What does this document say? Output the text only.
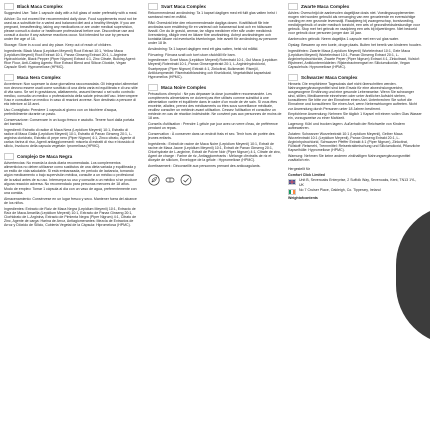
Black Maca Complex

Suggested Use: Take 1 capsule daily with a full glass of water preferably with a meal.

Advice: Do not exceed the recommended daily dose. Food supplements must not be used as a substitute for a varied and balanced diet and a healthy lifestyle. If you are pregnant, breastfeeding, taking any medications or are under medical supervision, please consult a doctor or healthcare professional before use. Discontinue use and consult a doctor if any adverse reactions occur. Not intended for use by persons under the age of 18.

Storage: Store in a cool and dry place. Keep out of reach of children.

Ingredients: Black Maca (Lepidium Meyenii) Root Extract 10:1, Yellow Maca (Lepidium Meyenii) Root Extract 10:1, Panax Ginseng Extract 20:1, L-Arginine Hydrochloride, Black Pepper (Piper Nigrum) Extract 4:1, Zinc Citrate, Bulking Agent: Rice Flour, Anti-Caking Agents: Rice Extract Blend and Silicon Dioxide, Vegan Capsule Shell: Hypromellose (HPMC).

Maca Nera Complex

Avvertenze: Non superare la dose giornaliera raccomandata. Gli integratori alimentari non devono essere usati come sostituto di una dieta varia ed equilibrata e di uno stile di vita sano. Se sei in gravidanza, allattamento, assumi farmaci o sei sotto controllo medico, consulta un medico o professionista della salute prima dell'uso. Interrompere l'uso e consultare un medico in caso di reazioni avverse. Non destinato a persone di età inferiore ai 18 anni.

Uso Consigliato: Prendere 1 capsula al giorno con un bicchiere d'acqua, preferibilmente durante un pasto.

Conservazione: Conservare in un luogo fresco e asciutto. Tenere fuori dalla portata dei bambini.

Ingredienti: Estratto di radice di Maca Nera (Lepidium Meyenii) 10:1, Estratto di radice di Maca Gialla (Lepidium Meyenii) 10:1, Estratto di Panax Ginseng 20:1, L-arginina cloridrato, Estratto di pepe nero (Piper Nigrum) 4:1, Zinco citrato, Agente di carica: farina di riso, Agenti antiagglomeranti: miscela di estratti di riso e biossido di silicio, Involucro della capsula vegetale: Ipromellosa (HPMC).

Complejo De Maca Negra

Advertencias: No exceda la dosis diaria recomendada. Los complementos alimenticios no deben utilizarse como sustitutos de una dieta variada y equilibrada y un estilo de vida saludable. Si está embarazada, en periodo de lactancia, tomando algún medicamento o bajo supervisión médica, consulte a un médico o profesional de la salud antes de su uso. Interrumpa su uso y consulte a un médico si se produce alguna reacción adversa. No recomendado para personas menores de 18 años.

Modo de empleo: Tomar 1 cápsula al día con un vaso de agua, preferentemente con una comida.

Almacenamiento: Consérvese en un lugar fresco y seco. Mantener fuera del alcance de los niños.

Ingredientes: Extracto de Raíz de Maca Negra (Lepidium Meyenii) 10:1, Extracto de Raíz de Maca Amarilla (Lepidium Meyenii) 10:1, Extracto de Panax Ginseng 20:1, Clorhidrato de L-Arginina, Extracto de Pimienta Negra (Piper Nigrum) 4:1, Citrato de Zinc, Agente de carga: Harina de Arroz, Antiaglomerantes: Mezcla de Extractos de Arroz y Dióxido de Silicio, Cubierta Vegetal de la Cápsula: Hipromelosa (HPMC).

Svart Maca Complex

Rekommenderad användning: Ta 1 kapsel dagligen med ett fullt glas vatten helst i samband med en måltid.

Råd: Överskrid inte den rekommenderade dagliga dosen. Kosttillskott får inte användas som ersättning för en varierad och balanserad kost och en hälsosam livsstil. Om du är gravid, ammar, tar några mediciner eller står under medicinsk övervakning, rådgör med en läkare före användning. Avbryt användningen och kontakta läkare vid eventuella biverkningar. Inte avsett för användning av personer under 18 år.

Användning: Ta 1 kapsel dagligen med ett glas vatten, helst vid måltid.

Förvaring: Förvara svalt och torrt utom räckhåll för barn.

Ingredienser: Svart Maca (Lepidium Meyenii) Rotextrakt 10:1, Gul Maca (Lepidium Meyenii) Rotextrakt 10:1, Panax Ginsengextrakt 20:1, L-Argininhydroklorid, Svartpeppar (Piper Nigrum) Extrakt 4:1, Zinkcitrat, Bulkmedel: Rismjöl, Antiklumpmedel: Risextraktblandning och Kiseldioxid, Vegetabiliskt kapselskal: Hypromellos (HPMC).

Maca Noire Complex

Précautions d'emploi : Ne pas dépasser la dose journalière recommandée. Les compléments alimentaires ne doivent pas être utilisés comme substitut à une alimentation variée et équilibrée dans le cadre d'un mode de vie sain. Si vous êtes enceinte, allaitez, prenez des médicaments ou êtes sous surveillance médicale, veuillez consulter un médecin avant utilisation. Cessez l'utilisation et consultez un médecin en cas de réaction indésirable. Ne convient pas aux personnes de moins de 18 ans.

Conseils d'utilisation : Prendre 1 gélule par jour avec un verre d'eau, de préférence pendant un repas.

Conservation : À conserver dans un endroit frais et sec. Tenir hors de portée des jeunes enfants.

Ingrédients : Extrait de racine de Maca Noire (Lepidium Meyenii) 10:1, Extrait de racine de Maca Jaune (Lepidium Meyenii) 10:1, Extrait de Panax Ginseng 20:1, Chlorhydrate de L-arginine, Extrait de Poivre Noir (Piper Nigrum) 4:1, Citrate de zinc, Agent de charge : Farine de riz, Antiagglomérants : Mélange d'extraits de riz et dioxyde de silicium, Enveloppe de la gélule : Hypromellose (HPMC).

Avertissement : Déconseillé aux personnes prenant des anticoagulants.

Zwarte Maca Complex

Advies: Overschrijd de aanbevolen dagelijkse dosis niet. Voedingssupplementen mogen niet worden gebruikt als vervanging van een gevarieerde en evenwichtige voeding en een gezonde levensstijl. Raadpleeg bij zwangerschap, borstvoeding, medicijngebruik of onder medisch toezicht, een arts of gezondheidsdeskundige voor gebruik. Stop met het gebruik en raadpleeg een arts bij bijwerkingen. Niet bedoeld voor gebruik door personen jonger dan 18 jaar.

Aanbevolen gebruik: Neem dagelijks 1 capsule met een vol glas water.

Opslag: Bewaren op een koele, droge plaats. Buiten het bereik van kinderen houden.

Ingrediënten: Zwarte Maca (Lepidium Meyenii) Wortelextract 10:1, Gele Maca (Lepidium Meyenii) Wortelextract 10:1, Panax Ginseng Extract 20:1, L-Argininehydrochloride, Zwarte Peper (Piper Nigrum) Extract 4:1, Zinkcitraat, Vulstof: Rijstmeel, Antiklontermiddelen: Rijstextractmengsel en Siliciumdioxide, Vegan Capsulehuls: Hypromellose (HPMC).

Schwarzer Maca Complex

Hinweis: Die empfohlene Tagesdosis darf nicht überschritten werden. Nahrungsergänzungsmittel sind kein Ersatz für eine abwechslungsreiche, ausgewogene Ernährung und eine gesunde Lebensweise. Wenn Sie schwanger sind, stillen, Medikamente einnehmen oder unter ärztlicher Aufsicht stehen, konsultieren Sie bitte vor der Einnahme einen Arzt. Unterbrechen Sie sofort die Einnahme und konsultieren Sie einen Arzt, wenn Nebenwirkungen auftreten. Nicht zur Anwendung durch Personen unter 18 Jahren bestimmt.

Empfohlene Anwendung: Nehmen Sie täglich 1 Kapsel mit einem vollen Glas Wasser ein, vorzugsweise zu einer Mahlzeit.

Lagerung: Kühl und trocken lagern. Außerhalb der Reichweite von Kindern aufbewahren.

Zutaten: Schwarzer Wurzelextrakt 10:1 (Lepidium Meyenii), Gelber Maca Wurzelextrakt 10:1 (Lepidium Meyenii), Panax Ginseng Extrakt 20:1, L-Argininhydrochlorid, Schwarzer Pfeffer Extrakt 4:1 (Piper Nigrum), Zinkcitrat, Füllstoff: Reismehl, Trennmittel: Reisextraktmischung und Siliciumdioxid, Pflanzliche Kapselhülle: Hypromellose (HPMC).

Warnung: Nehmen Sie keine anderen zinkhaltigen Nahrungsergänzungsmittel zusätzlich ein.

Hergestellt für

Comfort Click Limited

Unit B, Sevenoaks Enterprise, 2 Suffolk Way, Sevenoaks, Kent, TN13 1YL, UK
No 7 Cruiser Place, Oakleigh, Co. Tipperary, Ireland

Weightofcontents
